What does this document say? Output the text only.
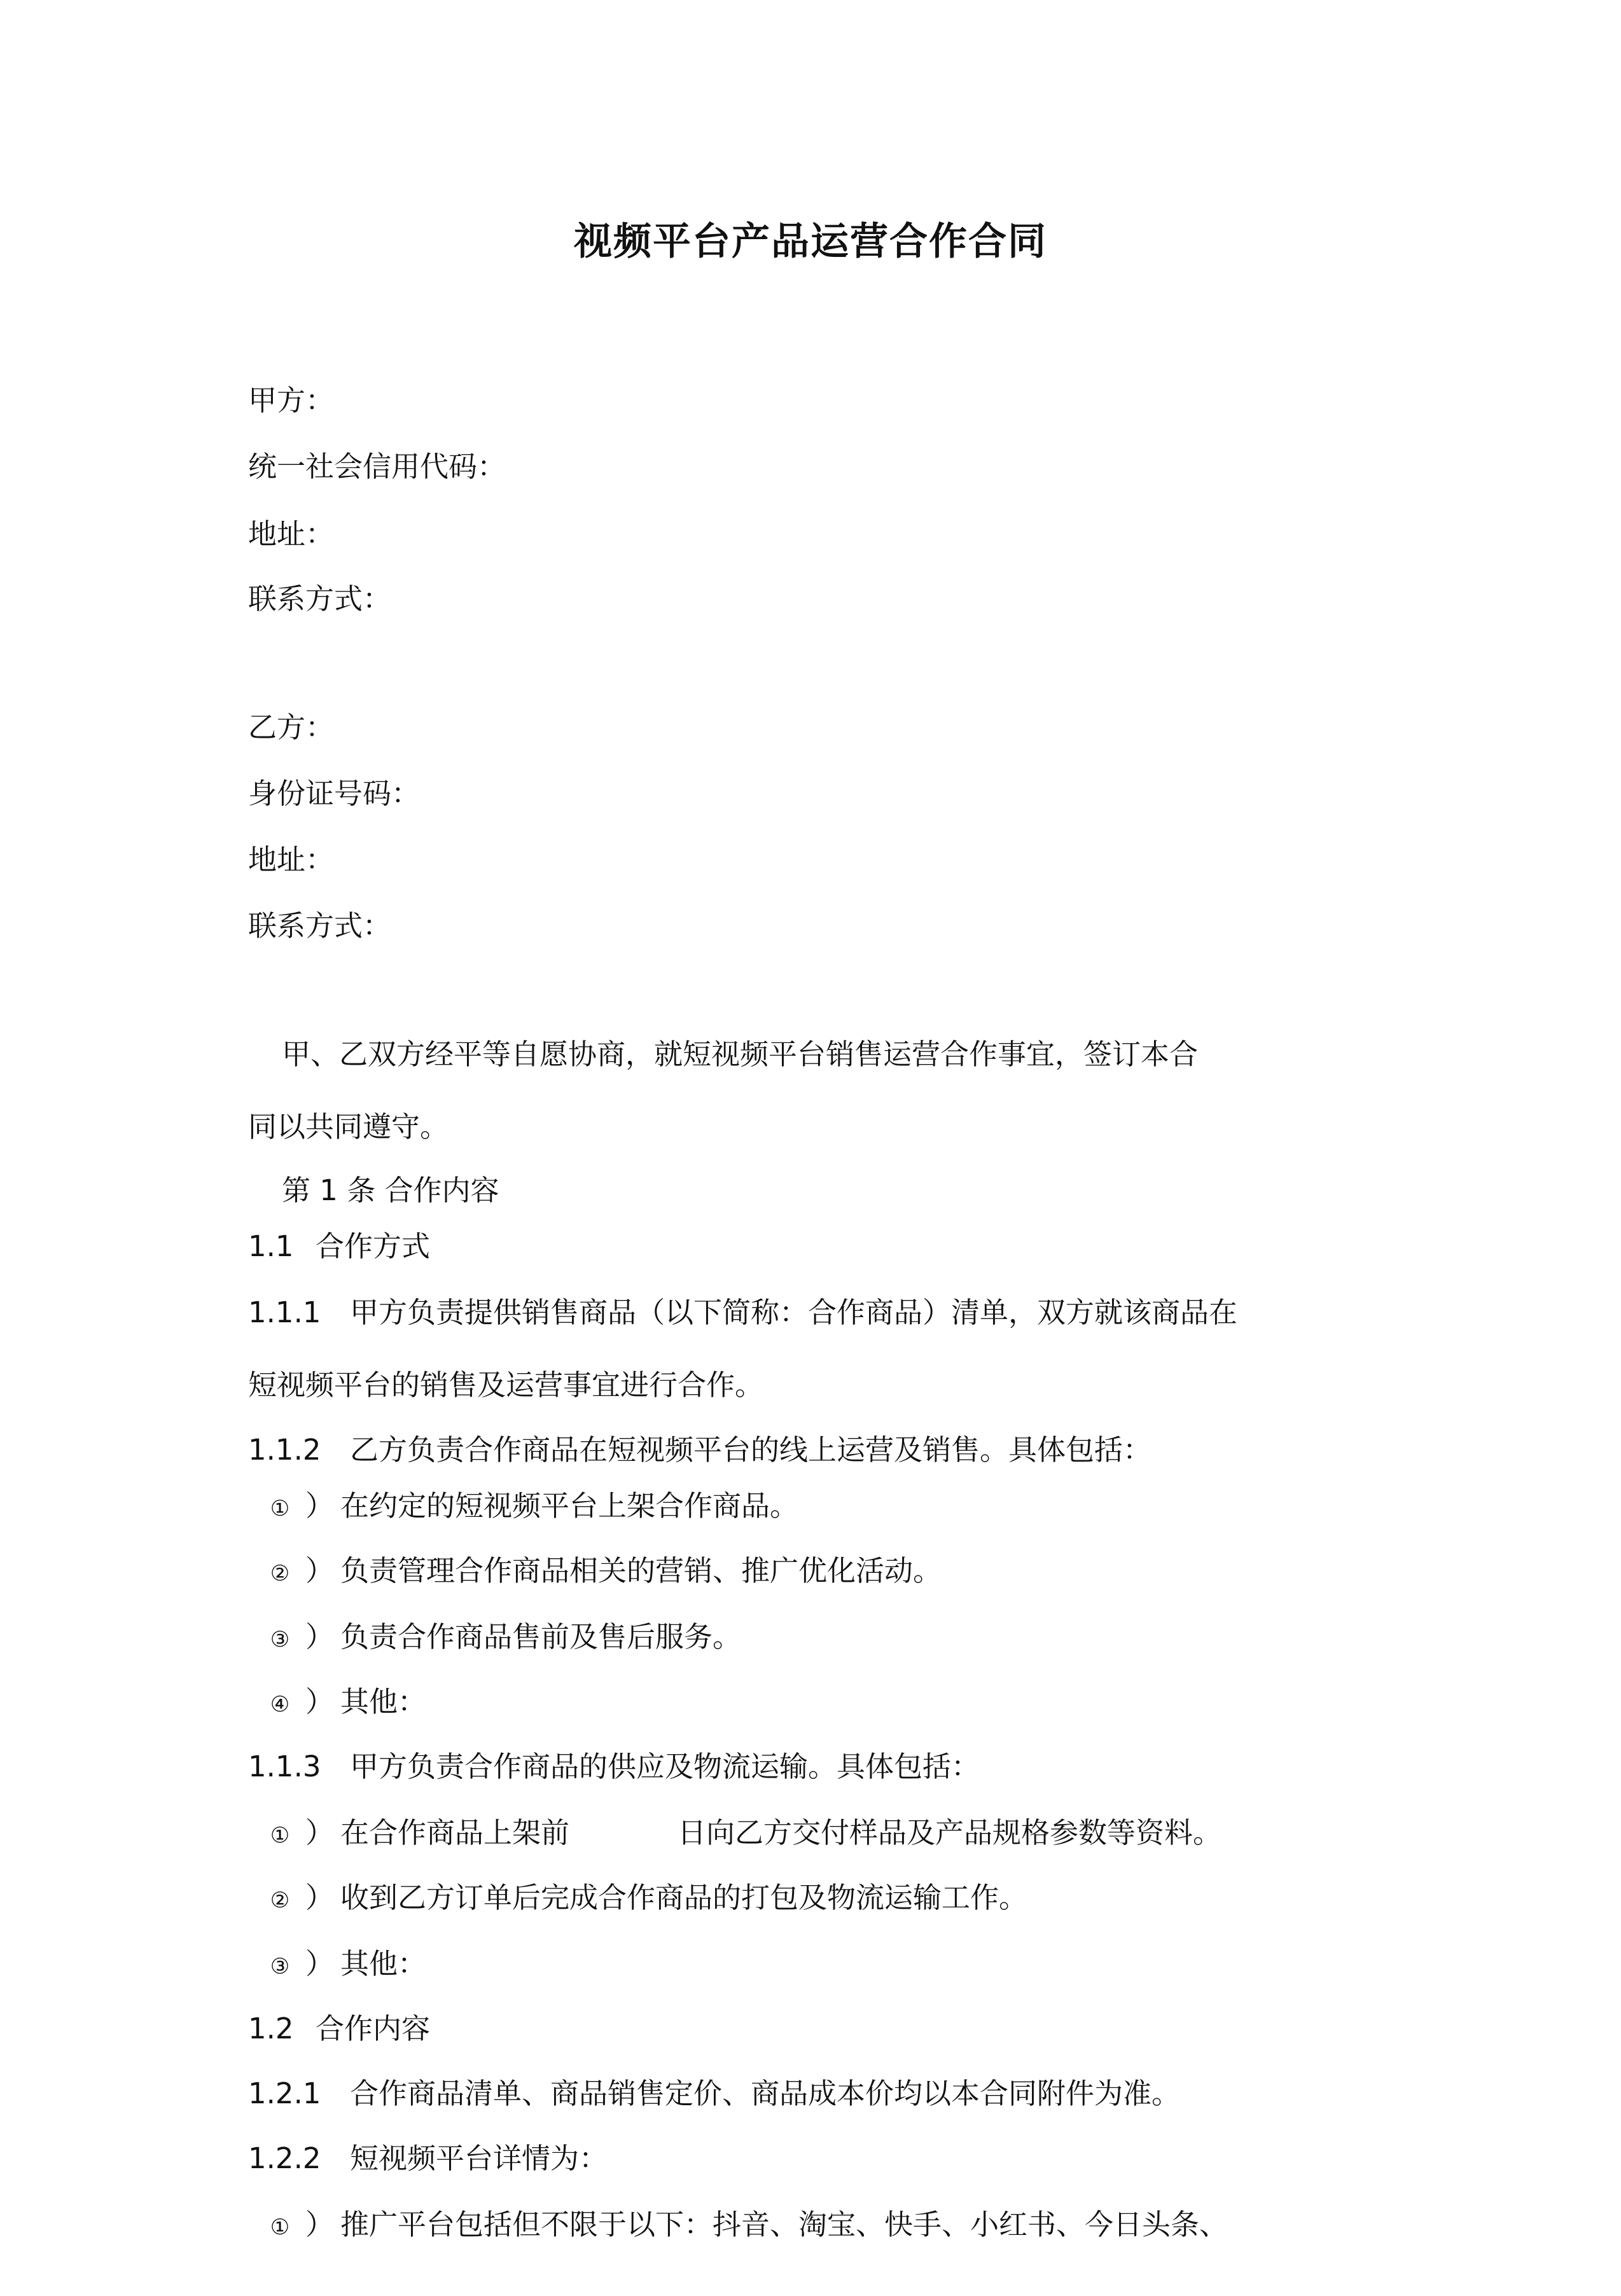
视频平台产品运营合作合同
甲方：
统一社会信用代码：
地址：
联系方式：
乙方：
身份证号码：
地址：
联系方式：
甲、乙双方经平等自愿协商，就短视频平台销售运营合作事宜，签订本合
同以共同遵守。
第 1 条 合作内容
1.1 合作方式
1.1.1 甲方负责提供销售商品（以下简称：合作商品）清单，双方就该商品在
短视频平台的销售及运营事宜进行合作。
1.1.2 乙方负责合作商品在短视频平台的线上运营及销售。具体包括：
① ） 在约定的短视频平台上架合作商品。
② ） 负责管理合作商品相关的营销、推广优化活动。
③ ） 负责合作商品售前及售后服务。
④ ） 其他：
1.1.3 甲方负责合作商品的供应及物流运输。具体包括：
① ） 在合作商品上架前	日向乙方交付样品及产品规格参数等资料。
② ） 收到乙方订单后完成合作商品的打包及物流运输工作。
③ ） 其他：
1.2 合作内容
1.2.1 合作商品清单、商品销售定价、商品成本价均以本合同附件为准。
1.2.2 短视频平台详情为：
① ） 推广平台包括但不限于以下：抖音、淘宝、快手、小红书、今日头条、
